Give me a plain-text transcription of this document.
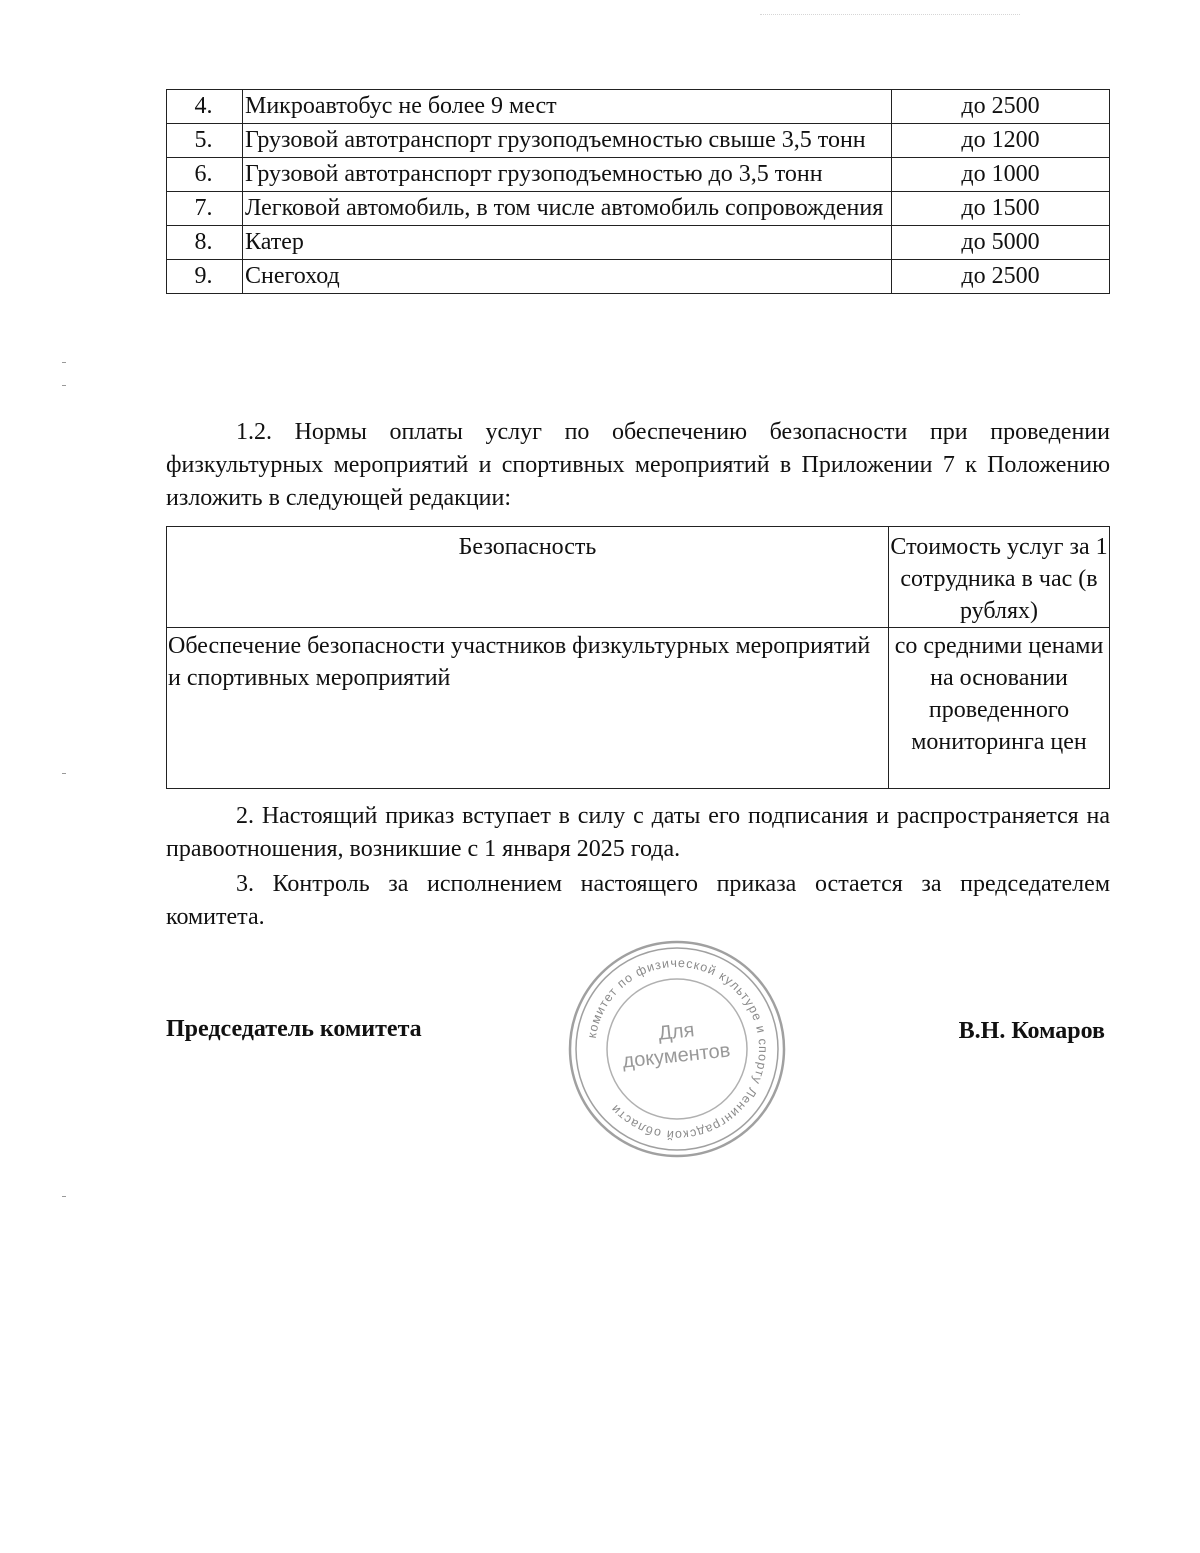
4.	Микроавтобус не более 9 мест	до 2500
5.	Грузовой автотранспорт грузоподъемностью свыше 3,5 тонн	до 1200
6.	Грузовой автотранспорт грузоподъемностью до 3,5 тонн	до 1000
7.	Легковой автомобиль, в том числе автомобиль сопровождения	до 1500
8.	Катер	до 5000
9.	Снегоход	до 2500
1.2. Нормы оплаты услуг по обеспечению безопасности при проведении физкультурных мероприятий и спортивных мероприятий в Приложении 7 к Положению изложить в следующей редакции:
Безопасность	Стоимость услуг за 1 сотрудника в час (в рублях)
Обеспечение безопасности участников физкультурных мероприятий и спортивных мероприятий	со средними ценами на основании проведенного мониторинга цен
2. Настоящий приказ вступает в силу с даты его подписания и распространяется на правоотношения, возникшие с 1 января 2025 года.
3. Контроль за исполнением настоящего приказа остается за председателем комитета.
Председатель комитета	В.Н. Комаров
комитет по физической культуре и спорту Ленинградской области
Для
документов
